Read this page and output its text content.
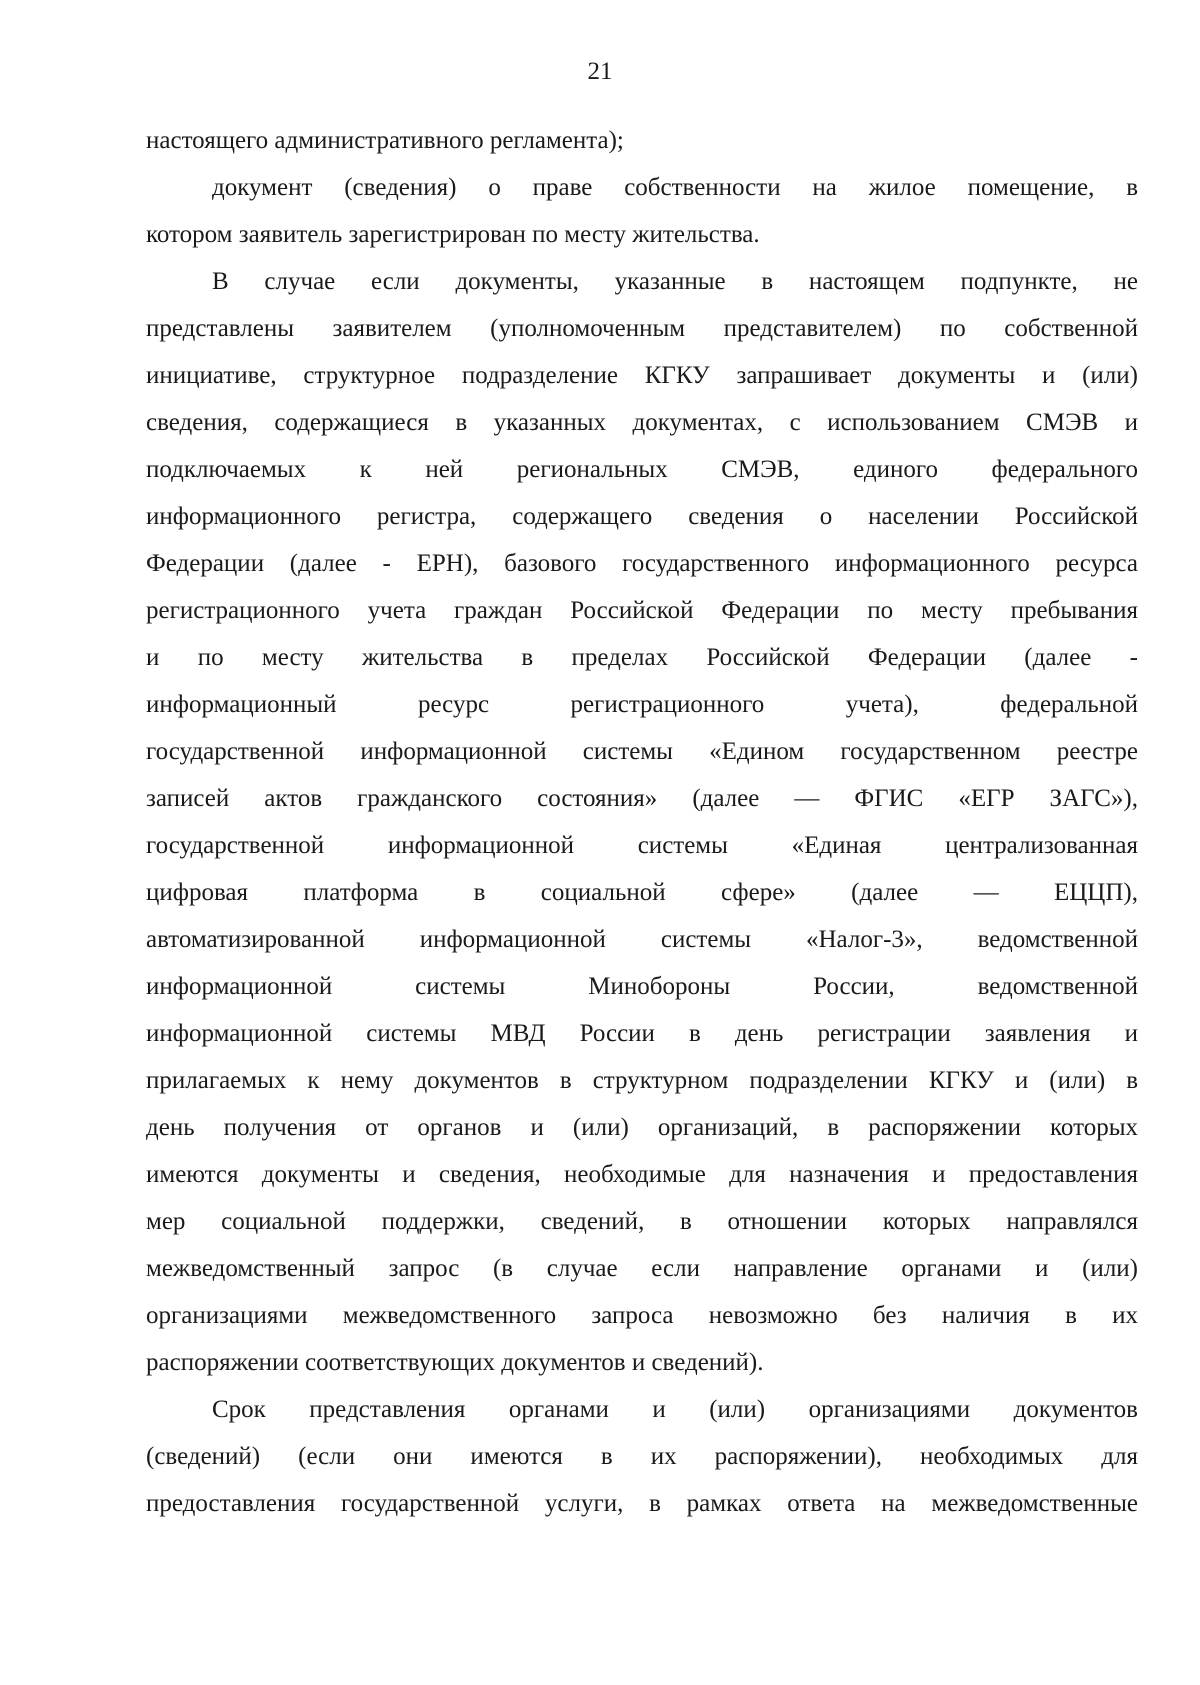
21
настоящего административного регламента);
документ (сведения) о праве собственности на жилое помещение, в
котором заявитель зарегистрирован по месту жительства.
В случае если документы, указанные в настоящем подпункте, не
представлены заявителем (уполномоченным представителем) по собственной
инициативе, структурное подразделение КГКУ запрашивает документы и (или)
сведения, содержащиеся в указанных документах, с использованием СМЭВ и
подключаемых к ней региональных СМЭВ, единого федерального
информационного регистра, содержащего сведения о населении Российской
Федерации (далее - ЕРН), базового государственного информационного ресурса
регистрационного учета граждан Российской Федерации по месту пребывания
и по месту жительства в пределах Российской Федерации (далее -
информационный ресурс регистрационного учета), федеральной
государственной информационной системы «Едином государственном реестре
записей актов гражданского состояния» (далее — ФГИС «ЕГР ЗАГС»),
государственной информационной системы «Единая централизованная
цифровая платформа в социальной сфере» (далее — ЕЦЦП),
автоматизированной информационной системы «Налог-3», ведомственной
информационной системы Минобороны России, ведомственной
информационной системы МВД России в день регистрации заявления и
прилагаемых к нему документов в структурном подразделении КГКУ и (или) в
день получения от органов и (или) организаций, в распоряжении которых
имеются документы и сведения, необходимые для назначения и предоставления
мер социальной поддержки, сведений, в отношении которых направлялся
межведомственный запрос (в случае если направление органами и (или)
организациями межведомственного запроса невозможно без наличия в их
распоряжении соответствующих документов и сведений).
Срок представления органами и (или) организациями документов
(сведений) (если они имеются в их распоряжении), необходимых для
предоставления государственной услуги, в рамках ответа на межведомственные
